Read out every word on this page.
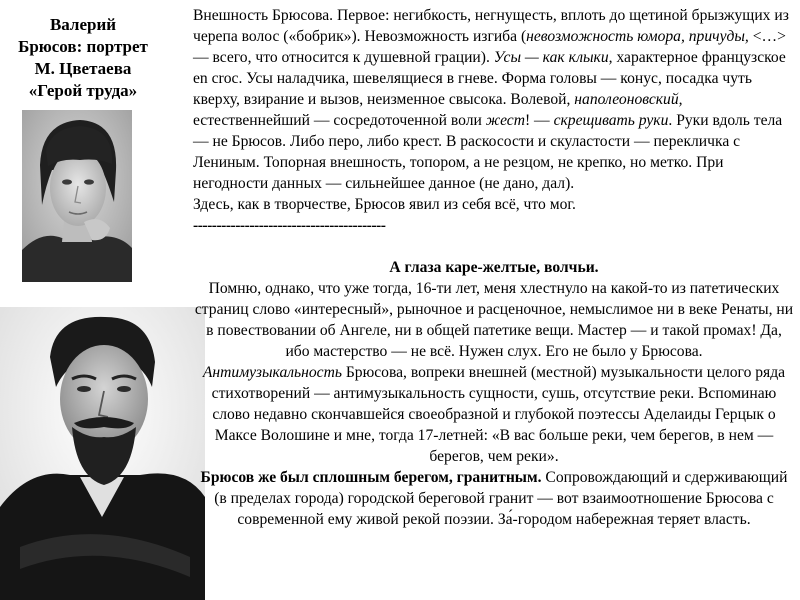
Валерий
Брюсов: портрет
М. Цветаева
«Герой труда»

Внешность Брюсова. Первое: негибкость, негнущесть, вплоть до щетиной брызжущих из черепа волос («бобрик»). Невозможность изгиба (невозможность юмора, причуды, <…> — всего, что относится к душевной грации). Усы — как клыки, характерное французское en croc. Усы наладчика, шевелящиеся в гневе. Форма головы — конус, посадка чуть кверху, взирание и вызов, неизменное свысока. Волевой, наполеоновский, естественнейший — сосредоточенной воли жест! — скрещивать руки. Руки вдоль тела — не Брюсов. Либо перо, либо крест. В раскосости и скуластости — перекличка с Лениным. Топорная внешность, топором, а не резцом, не крепко, но метко. При негодности данных — сильнейшее данное (не дано, дал).

Здесь, как в творчестве, Брюсов явил из себя всё, что мог.

-----------------------------------------
А глаза каре-желтые, волчьи.

Помню, однако, что уже тогда, 16-ти лет, меня хлестнуло на какой-то из патетических страниц слово «интересный», рыночное и расценочное, немыслимое ни в веке Ренаты, ни в повествовании об Ангеле, ни в общей патетике вещи. Мастер — и такой промах! Да, ибо мастерство — не всё. Нужен слух. Его не было у Брюсова.

Антимузыкальность Брюсова, вопреки внешней (местной) музыкальности целого ряда стихотворений — антимузыкальность сущности, сушь, отсутствие реки. Вспоминаю слово недавно скончавшейся своеобразной и глубокой поэтессы Аделаиды Герцык о Максе Волошине и мне, тогда 17-летней: «В вас больше реки, чем берегов, в нем — берегов, чем реки».

Брюсов же был сплошным берегом, гранитным. Сопровождающий и сдерживающий (в пределах города) городской береговой гранит — вот взаимоотношение Брюсова с современной ему живой рекой поэзии. За́-городом набережная теряет власть.
